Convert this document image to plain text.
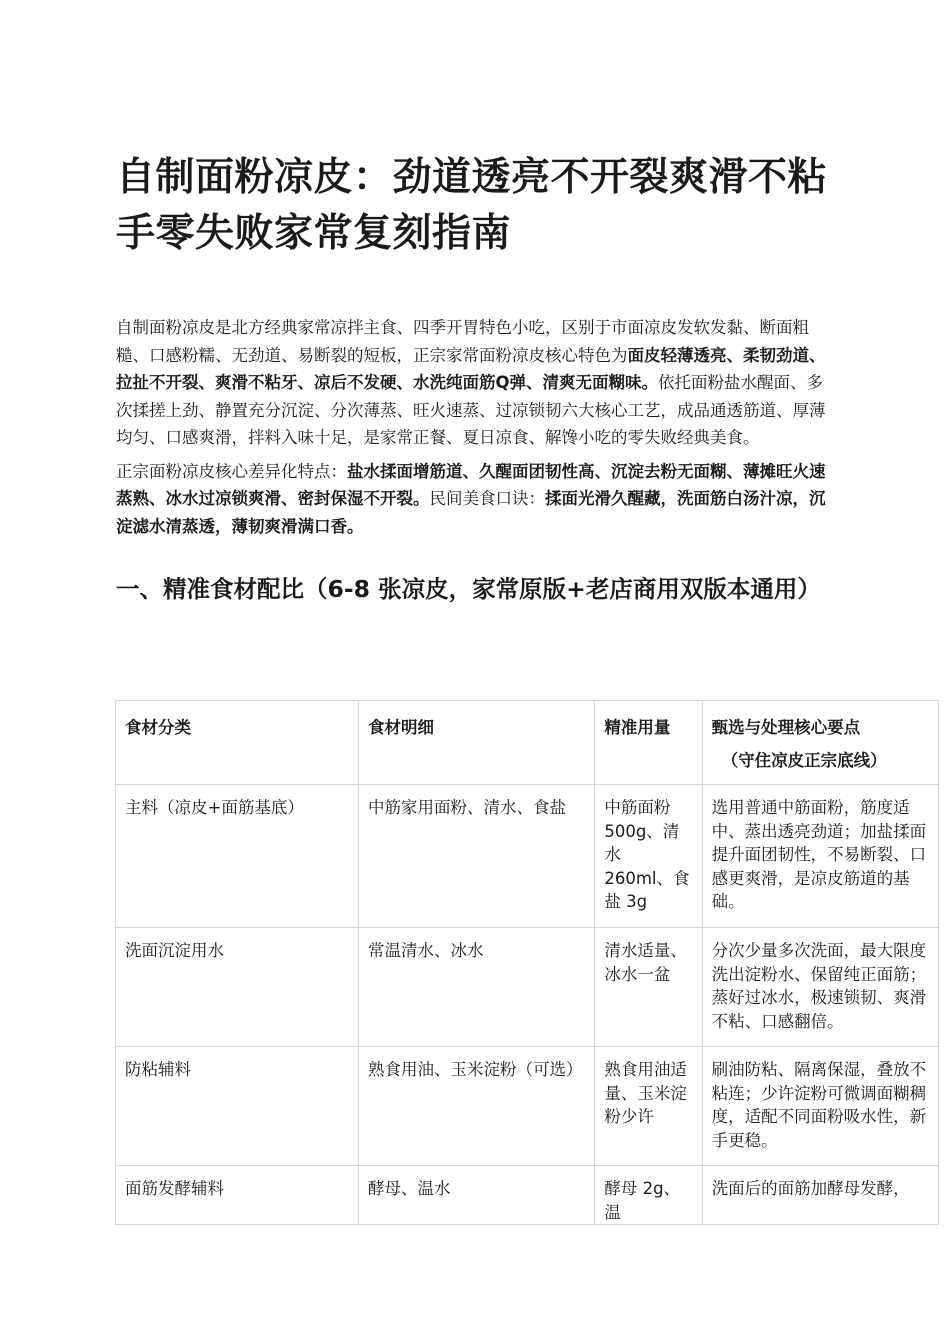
自制面粉凉皮：劲道透亮不开裂爽滑不粘手零失败家常复刻指南

自制面粉凉皮是北方经典家常凉拌主食、四季开胃特色小吃，区别于市面凉皮发软发黏、断面粗糙、口感粉糯、无劲道、易断裂的短板，正宗家常面粉凉皮核心特色为面皮轻薄透亮、柔韧劲道、拉扯不开裂、爽滑不粘牙、凉后不发硬、水洗纯面筋Q弹、清爽无面糊味。依托面粉盐水醒面、多次揉搓上劲、静置充分沉淀、分次薄蒸、旺火速蒸、过凉锁韧六大核心工艺，成品通透筋道、厚薄均匀、口感爽滑，拌料入味十足，是家常正餐、夏日凉食、解馋小吃的零失败经典美食。

正宗面粉凉皮核心差异化特点：盐水揉面增筋道、久醒面团韧性高、沉淀去粉无面糊、薄摊旺火速蒸熟、冰水过凉锁爽滑、密封保湿不开裂。民间美食口诀：揉面光滑久醒藏，洗面筋白汤汁凉，沉淀滤水清蒸透，薄韧爽滑满口香。

一、精准食材配比（6-8 张凉皮，家常原版+老店商用双版本通用）
食材分类	食材明细	精准用量	甄选与处理核心要点
（守住凉皮正宗底线）

主料（凉皮+面筋基底）	中筋家用面粉、清水、食盐	中筋面粉 500g、清水 260ml、食盐 3g	选用普通中筋面粉，筋度适中、蒸出透亮劲道；加盐揉面提升面团韧性，不易断裂、口感更爽滑，是凉皮筋道的基础。
洗面沉淀用水	常温清水、冰水	清水适量、冰水一盆	分次少量多次洗面，最大限度洗出淀粉水、保留纯正面筋；蒸好过冰水，极速锁韧、爽滑不粘、口感翻倍。
防粘辅料	熟食用油、玉米淀粉（可选）	熟食用油适量、玉米淀粉少许	刷油防粘、隔离保湿，叠放不粘连；少许淀粉可微调面糊稠度，适配不同面粉吸水性，新手更稳。
面筋发酵辅料	酵母、温水	酵母 2g、温	洗面后的面筋加酵母发酵，
